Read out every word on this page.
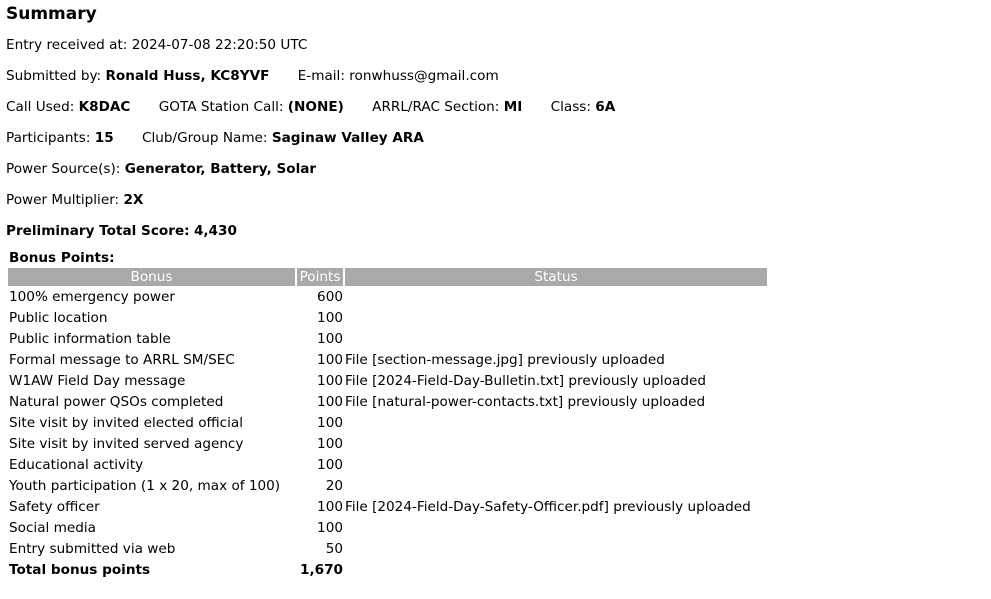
Summary
Entry received at: 2024-07-08 22:20:50 UTC
Submitted by: Ronald Huss, KC8YVF E-mail: ronwhuss@gmail.com
Call Used: K8DAC GOTA Station Call: (NONE) ARRL/RAC Section: MI Class: 6A
Participants: 15 Club/Group Name: Saginaw Valley ARA
Power Source(s): Generator, Battery, Solar
Power Multiplier: 2X
Preliminary Total Score: 4,430
Bonus Points:
Bonus	Points	Status
100% emergency power	600	
Public location	100	
Public information table	100	
Formal message to ARRL SM/SEC	100	File [section-message.jpg] previously uploaded
W1AW Field Day message	100	File [2024-Field-Day-Bulletin.txt] previously uploaded
Natural power QSOs completed	100	File [natural-power-contacts.txt] previously uploaded
Site visit by invited elected official	100	
Site visit by invited served agency	100	
Educational activity	100	
Youth participation (1 x 20, max of 100)	20	
Safety officer	100	File [2024-Field-Day-Safety-Officer.pdf] previously uploaded
Social media	100	
Entry submitted via web	50	
Total bonus points	1,670	
